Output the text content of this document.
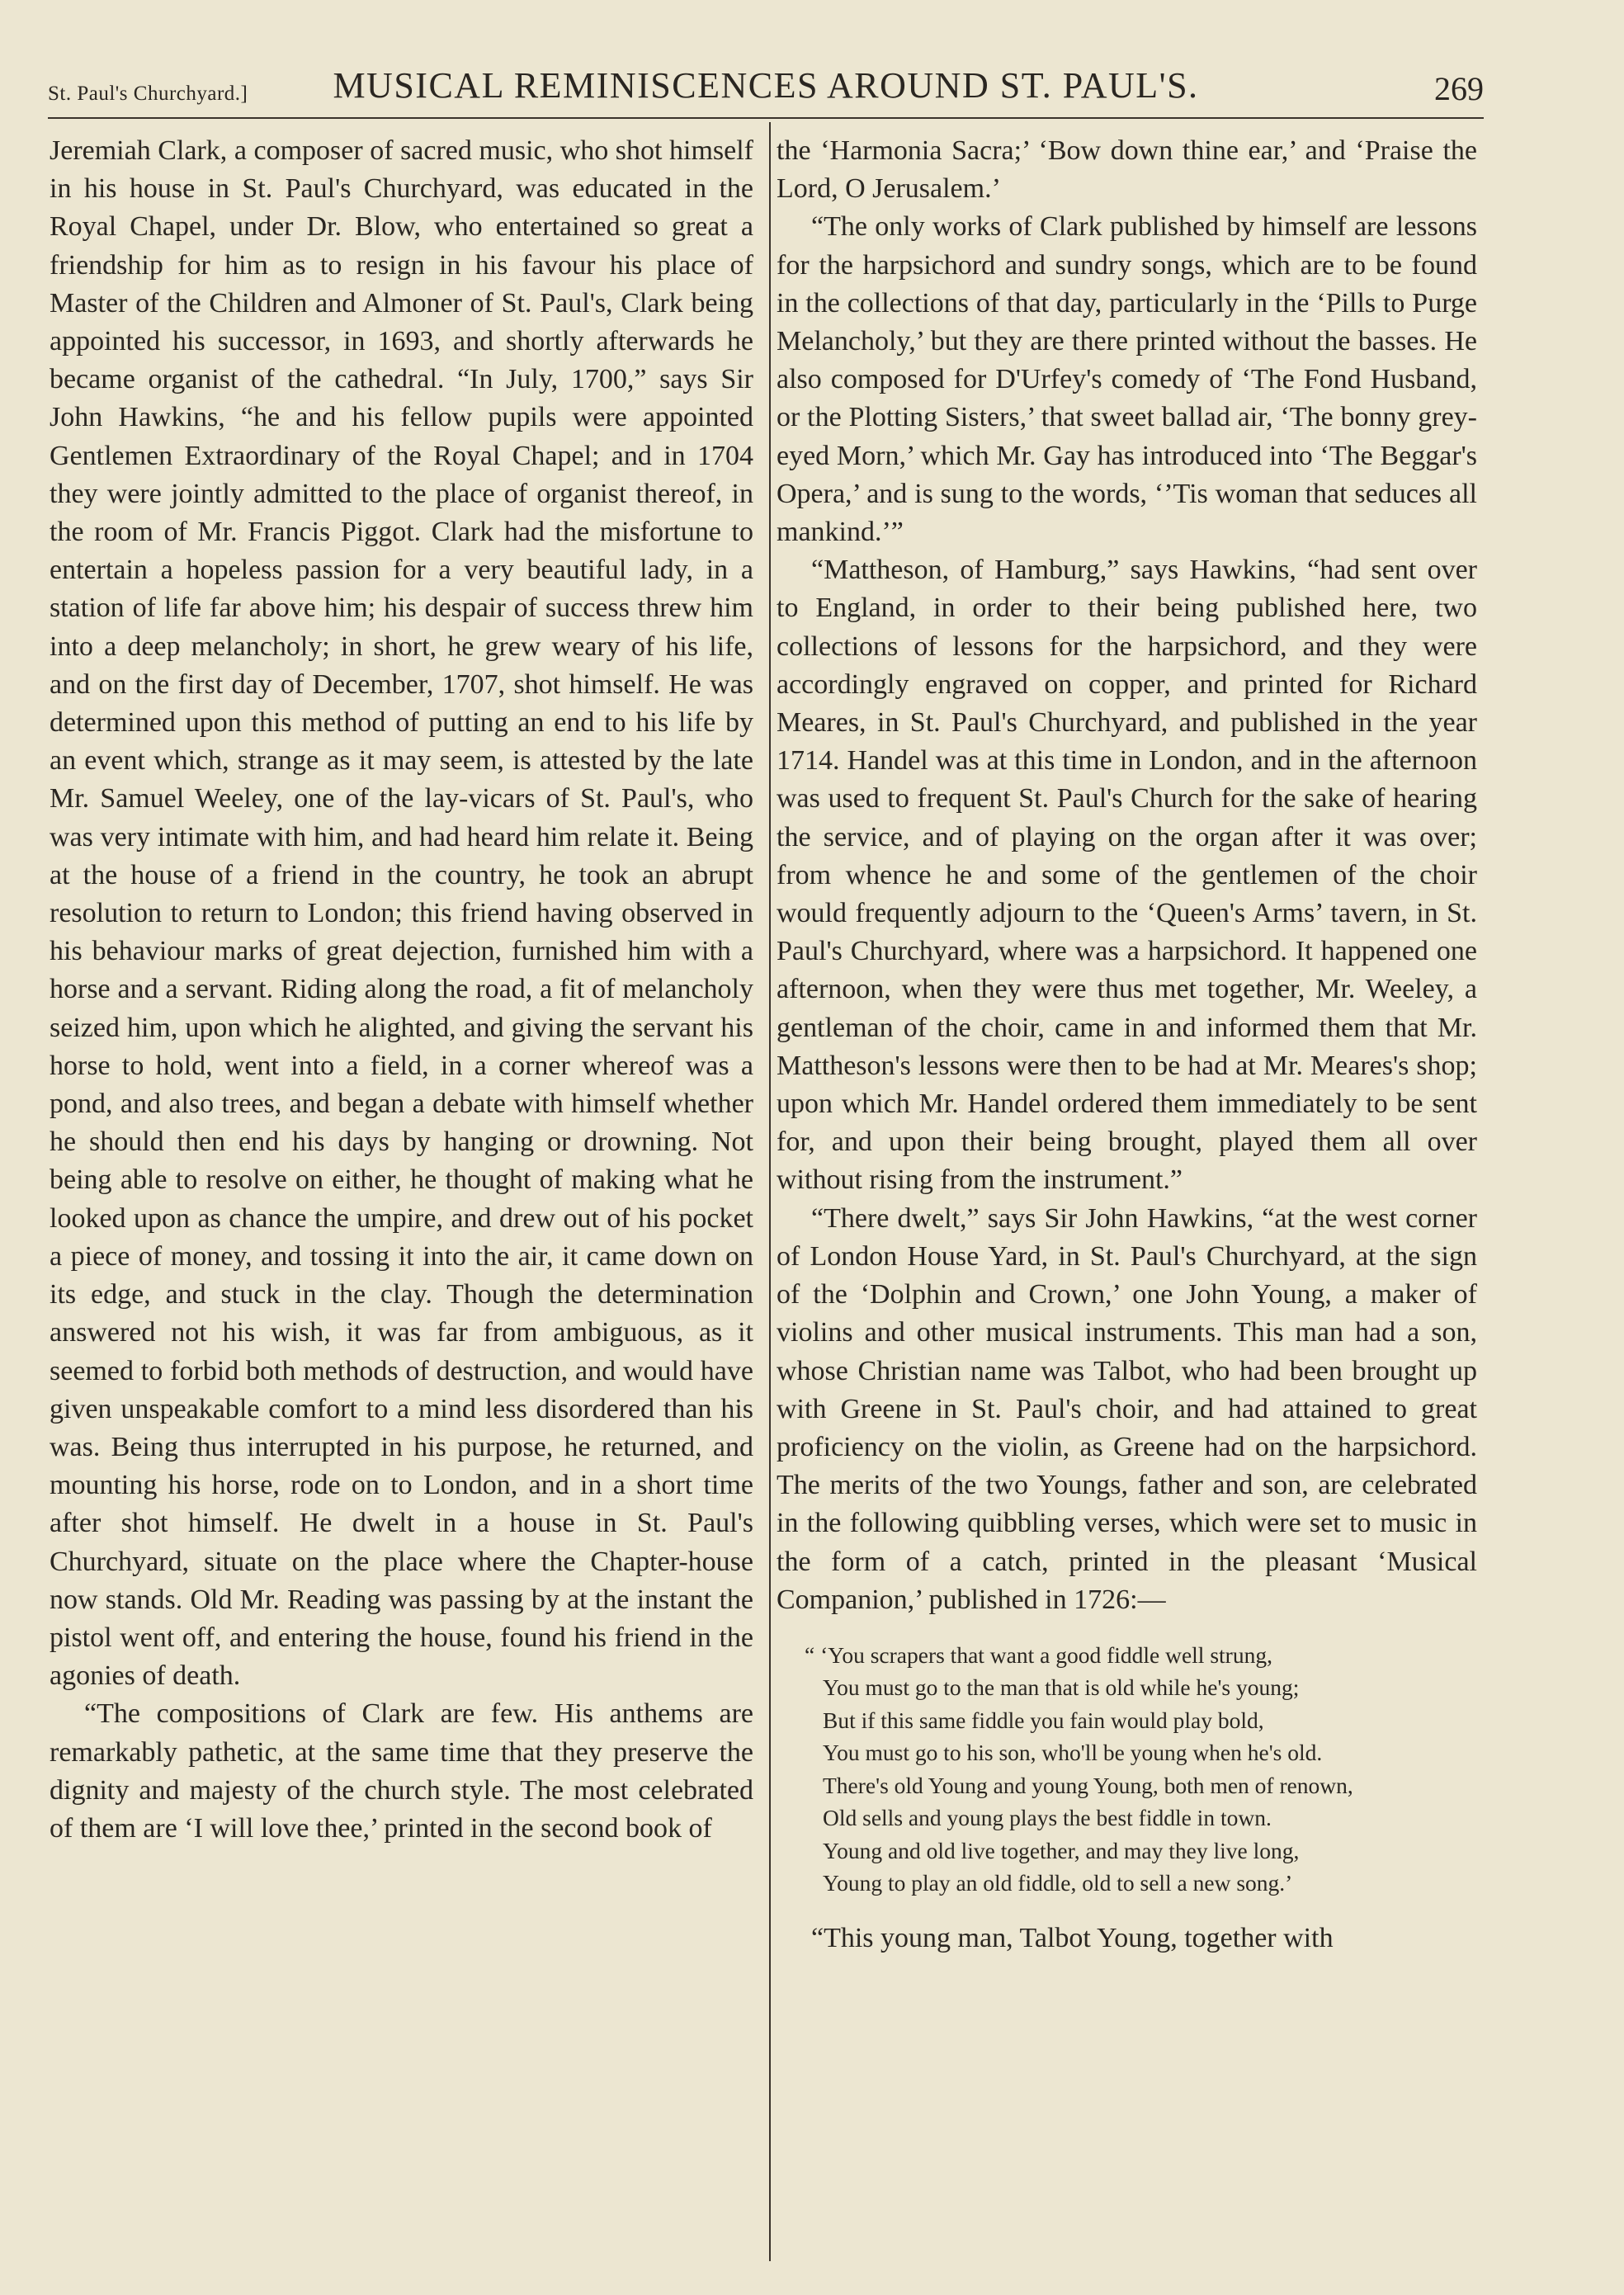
St. Paul's Churchyard.]	MUSICAL REMINISCENCES AROUND ST. PAUL'S.	269

Jeremiah Clark, a composer of sacred music, who shot himself in his house in St. Paul's Churchyard, was educated in the Royal Chapel, under Dr. Blow, who entertained so great a friendship for him as to resign in his favour his place of Master of the Children and Almoner of St. Paul's, Clark being appointed his successor, in 1693, and shortly afterwards he became organist of the cathedral. “In July, 1700,” says Sir John Hawkins, “he and his fellow pupils were appointed Gentlemen Extraordinary of the Royal Chapel; and in 1704 they were jointly admitted to the place of organist thereof, in the room of Mr. Francis Piggot. Clark had the misfortune to entertain a hopeless passion for a very beautiful lady, in a station of life far above him; his despair of success threw him into a deep melancholy; in short, he grew weary of his life, and on the first day of December, 1707, shot himself. He was determined upon this method of putting an end to his life by an event which, strange as it may seem, is attested by the late Mr. Samuel Weeley, one of the lay-vicars of St. Paul's, who was very intimate with him, and had heard him relate it. Being at the house of a friend in the country, he took an abrupt resolution to return to London; this friend having observed in his behaviour marks of great dejection, furnished him with a horse and a servant. Riding along the road, a fit of melancholy seized him, upon which he alighted, and giving the servant his horse to hold, went into a field, in a corner whereof was a pond, and also trees, and began a debate with himself whether he should then end his days by hanging or drowning. Not being able to resolve on either, he thought of making what he looked upon as chance the umpire, and drew out of his pocket a piece of money, and tossing it into the air, it came down on its edge, and stuck in the clay. Though the determination answered not his wish, it was far from ambiguous, as it seemed to forbid both methods of destruction, and would have given unspeakable comfort to a mind less disordered than his was. Being thus interrupted in his purpose, he returned, and mounting his horse, rode on to London, and in a short time after shot himself. He dwelt in a house in St. Paul's Churchyard, situate on the place where the Chapter-house now stands. Old Mr. Reading was passing by at the instant the pistol went off, and entering the house, found his friend in the agonies of death.

“The compositions of Clark are few. His anthems are remarkably pathetic, at the same time that they preserve the dignity and majesty of the church style. The most celebrated of them are ‘I will love thee,’ printed in the second book of

the ‘Harmonia Sacra;’ ‘Bow down thine ear,’ and ‘Praise the Lord, O Jerusalem.’

“The only works of Clark published by himself are lessons for the harpsichord and sundry songs, which are to be found in the collections of that day, particularly in the ‘Pills to Purge Melancholy,’ but they are there printed without the basses. He also composed for D'Urfey's comedy of ‘The Fond Husband, or the Plotting Sisters,’ that sweet ballad air, ‘The bonny grey-eyed Morn,’ which Mr. Gay has introduced into ‘The Beggar's Opera,’ and is sung to the words, ‘’Tis woman that seduces all mankind.’”

“Mattheson, of Hamburg,” says Hawkins, “had sent over to England, in order to their being published here, two collections of lessons for the harpsichord, and they were accordingly engraved on copper, and printed for Richard Meares, in St. Paul's Churchyard, and published in the year 1714. Handel was at this time in London, and in the afternoon was used to frequent St. Paul's Church for the sake of hearing the service, and of playing on the organ after it was over; from whence he and some of the gentlemen of the choir would frequently adjourn to the ‘Queen's Arms’ tavern, in St. Paul's Churchyard, where was a harpsichord. It happened one afternoon, when they were thus met together, Mr. Weeley, a gentleman of the choir, came in and informed them that Mr. Mattheson's lessons were then to be had at Mr. Meares's shop; upon which Mr. Handel ordered them immediately to be sent for, and upon their being brought, played them all over without rising from the instrument.”

“There dwelt,” says Sir John Hawkins, “at the west corner of London House Yard, in St. Paul's Churchyard, at the sign of the ‘Dolphin and Crown,’ one John Young, a maker of violins and other musical instruments. This man had a son, whose Christian name was Talbot, who had been brought up with Greene in St. Paul's choir, and had attained to great proficiency on the violin, as Greene had on the harpsichord. The merits of the two Youngs, father and son, are celebrated in the following quibbling verses, which were set to music in the form of a catch, printed in the pleasant ‘Musical Companion,’ published in 1726:—

“ ‘You scrapers that want a good fiddle well strung,
You must go to the man that is old while he's young;
But if this same fiddle you fain would play bold,
You must go to his son, who'll be young when he's old.
There's old Young and young Young, both men of renown,
Old sells and young plays the best fiddle in town.
Young and old live together, and may they live long,
Young to play an old fiddle, old to sell a new song.’

“This young man, Talbot Young, together with
